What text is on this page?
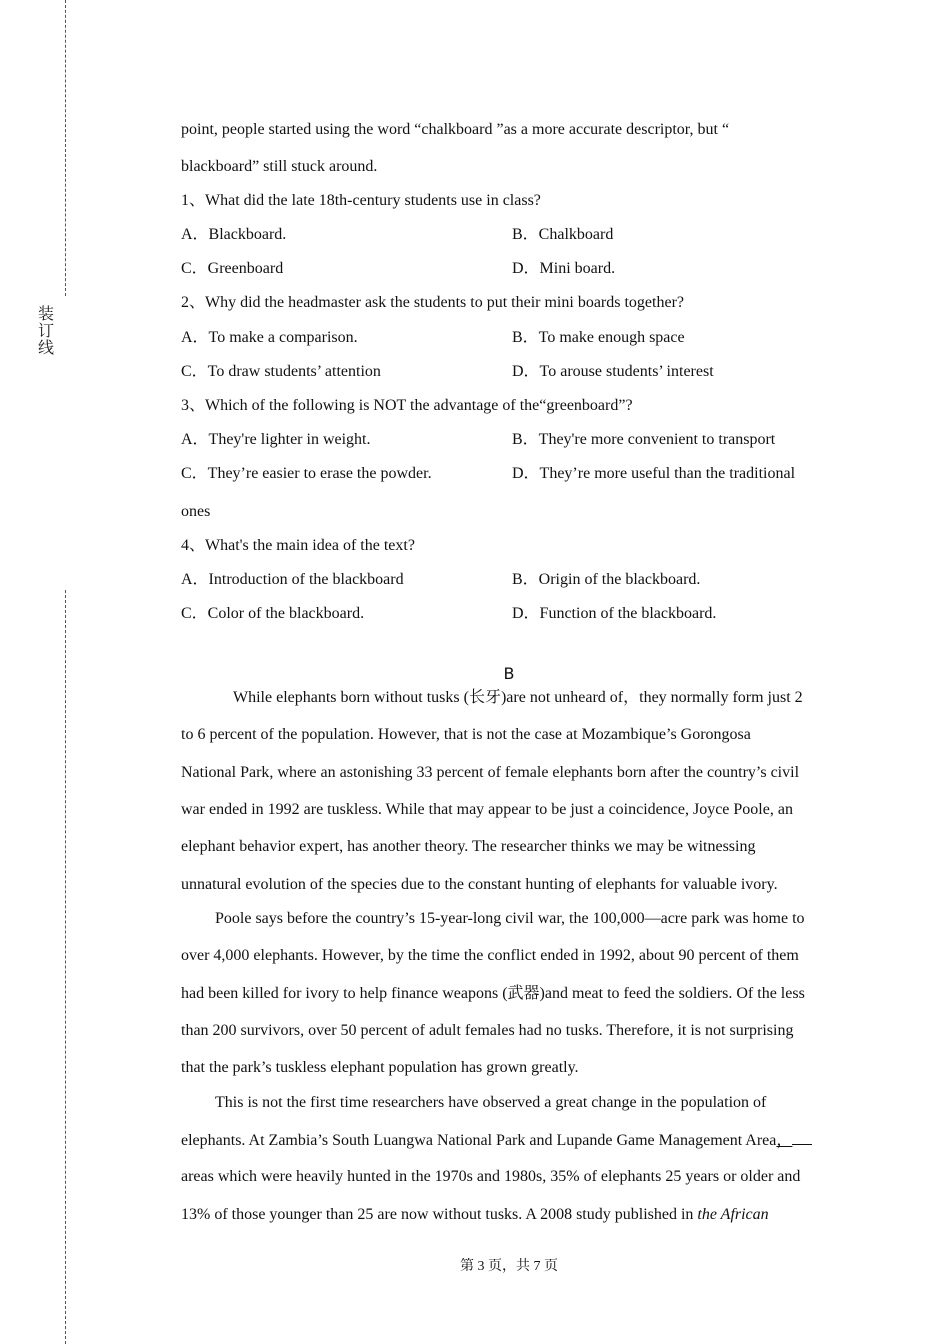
装
订
线
point, people started using the word “chalkboard ”as a more accurate descriptor, but “
blackboard” still stuck around.
1、What did the late 18th-century students use in class?
A．Blackboard.	B．Chalkboard
C．Greenboard	D．Mini board.
2、Why did the headmaster ask the students to put their mini boards together?
A．To make a comparison.	B．To make enough space
C．To draw students’ attention	D．To arouse students’ interest
3、Which of the following is NOT the advantage of the“greenboard”?
A．They're lighter in weight.	B．They're more convenient to transport
C．They’re easier to erase the powder.	D．They’re more useful than the traditional
ones
4、What's the main idea of the text?
A．Introduction of the blackboard	B．Origin of the blackboard.
C．Color of the blackboard.	D．Function of the blackboard.
B
While elephants born without tusks (长牙)are not unheard of，they normally form just 2
to 6 percent of the population. However, that is not the case at Mozambique’s Gorongosa
National Park, where an astonishing 33 percent of female elephants born after the country’s civil
war ended in 1992 are tuskless. While that may appear to be just a coincidence, Joyce Poole, an
elephant behavior expert, has another theory. The researcher thinks we may be witnessing
unnatural evolution of the species due to the constant hunting of elephants for valuable ivory.
Poole says before the country’s 15-year-long civil war, the 100,000—acre park was home to
over 4,000 elephants. However, by the time the conflict ended in 1992, about 90 percent of them
had been killed for ivory to help finance weapons (武器)and meat to feed the soldiers. Of the less
than 200 survivors, over 50 percent of adult females had no tusks. Therefore, it is not surprising
that the park’s tuskless elephant population has grown greatly.
This is not the first time researchers have observed a great change in the population of
elephants. At Zambia’s South Luangwa National Park and Lupande Game Management Area，
areas which were heavily hunted in the 1970s and 1980s, 35% of elephants 25 years or older and
13% of those younger than 25 are now without tusks. A 2008 study published in the African
第 3 页，共 7 页
